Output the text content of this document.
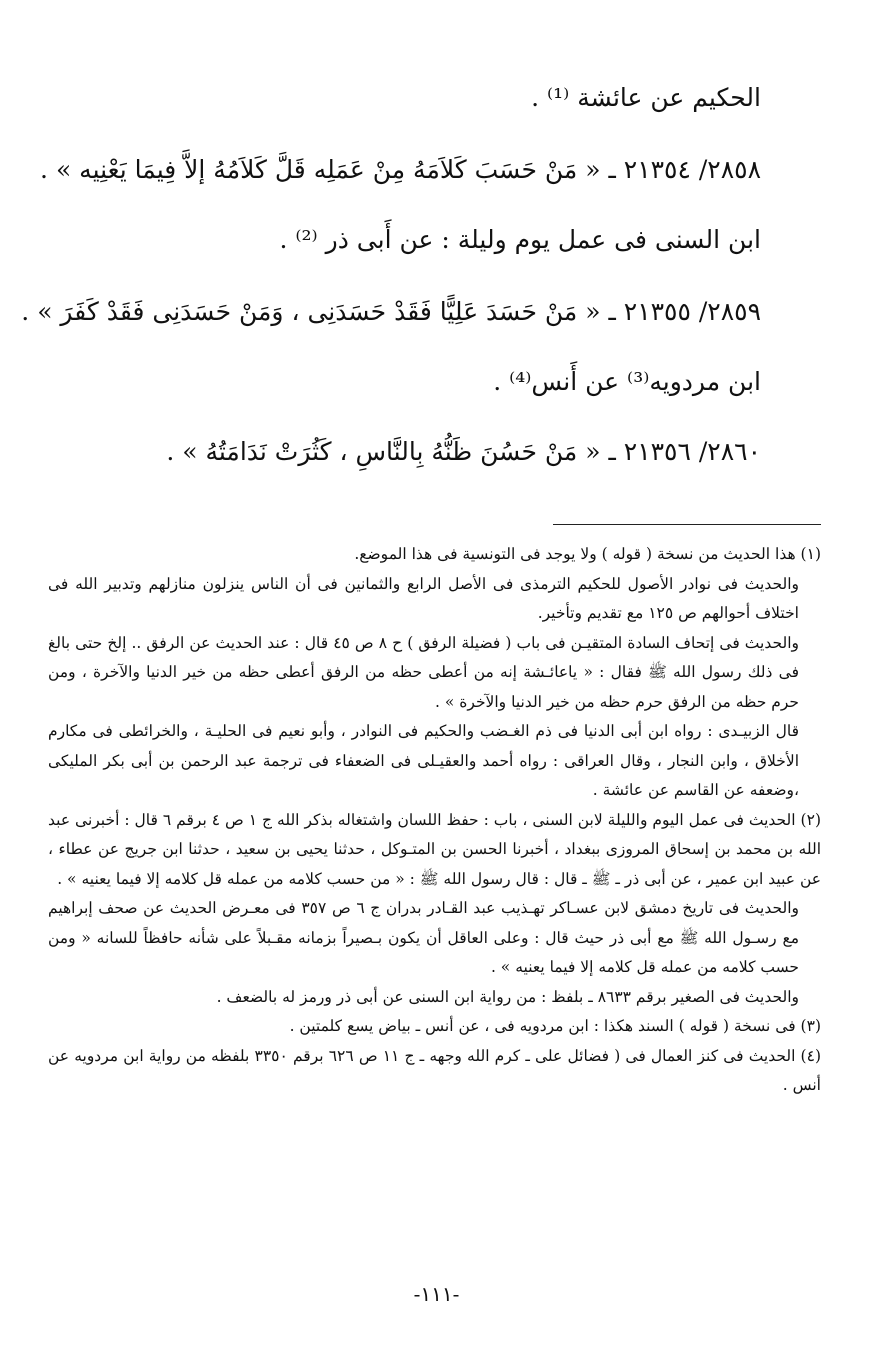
الحكيم عن عائشة ⁽¹⁾ .
٢٨٥٨/ ٢١٣٥٤ ـ « مَنْ حَسَبَ كَلاَمَهُ مِنْ عَمَلِه قَلَّ كَلاَمُهُ إلاَّ فِيمَا يَعْنِيه » .
ابن السنى فى عمل يوم وليلة : عن أَبى ذر ⁽²⁾ .
٢٨٥٩/ ٢١٣٥٥ ـ « مَنْ حَسَدَ عَلِيًّا فَقَدْ حَسَدَنِى ، وَمَنْ حَسَدَنِى فَقَدْ كَفَرَ » .
ابن مردويه⁽³⁾ عن أَنس⁽⁴⁾ .
٢٨٦٠/ ٢١٣٥٦ ـ « مَنْ حَسُنَ ظَنُّهُ بِالنَّاسِ ، كَثُرَتْ نَدَامَتُهُ » .

(١) هذا الحديث من نسخة ( قوله ) ولا يوجد فى التونسية فى هذا الموضع.

والحديث فى نوادر الأصول للحكيم الترمذى فى الأصل الرابع والثمانين فى أن الناس ينزلون منازلهم وتدبير الله فى اختلاف أحوالهم ص ١٢٥ مع تقديم وتأخير.

والحديث فى إتحاف السادة المتقيـن فى باب ( فضيلة الرفق ) ح ٨ ص ٤٥ قال : عند الحديث عن الرفق .. إلخ حتى بالغ فى ذلك رسول الله ﷺ فقال : « ياعائـشة إنه من أعطى حظه من الرفق أعطى حظه من خير الدنيا والآخرة ، ومن حرم حظه من الرفق حرم حظه من خير الدنيا والآخرة » .

قال الزبيـدى : رواه ابن أبى الدنيا فى ذم الغـضب والحكيم فى النوادر ، وأبو نعيم فى الحليـة ، والخرائطى فى مكارم الأخلاق ، وابن النجار ، وقال العراقى : رواه أحمد والعقيـلى فى الضعفاء فى ترجمة عبد الرحمن بن أبى بكر المليكى ،وضعفه عن القاسم عن عائشة .

(٢) الحديث فى عمل اليوم والليلة لابن السنى ، باب : حفظ اللسان واشتغاله بذكر الله ج ١ ص ٤ برقم ٦ قال : أخبرنى عبد الله بن محمد بن إسحاق المروزى ببغداد ، أخبرنا الحسن بن المتـوكل ، حدثنا يحيى بن سعيد ، حدثنا ابن جريج عن عطاء ، عن عبيد ابن عمير ، عن أبى ذر ـ ﷺ ـ قال : قال رسول الله ﷺ : « من حسب كلامه من عمله قل كلامه إلا فيما يعنيه » .

والحديث فى تاريخ دمشق لابن عسـاكر تهـذيب عبد القـادر بدران ج ٦ ص ٣٥٧ فى معـرض الحديث عن صحف إبراهيم مع رسـول الله ﷺ مع أبى ذر حيث قال : وعلى العاقل أن يكون بـصيراً بزمانه مقـبلاً على شأنه حافظاً للسانه « ومن حسب كلامه من عمله قل كلامه إلا فيما يعنيه » .

والحديث فى الصغير برقم ٨٦٣٣ ـ بلفظ : من رواية ابن السنى عن أبى ذر ورمز له بالضعف .

(٣) فى نسخة ( قوله ) السند هكذا : ابن مردويه فى ، عن أنس ـ بياض يسع كلمتين .

(٤) الحديث فى كنز العمال فى ( فضائل على ـ كرم الله وجهه ـ ج ١١ ص ٦٢٦ برقم ٣٣٥٠ بلفظه من رواية ابن مردويه عن أنس .

-١١١-
